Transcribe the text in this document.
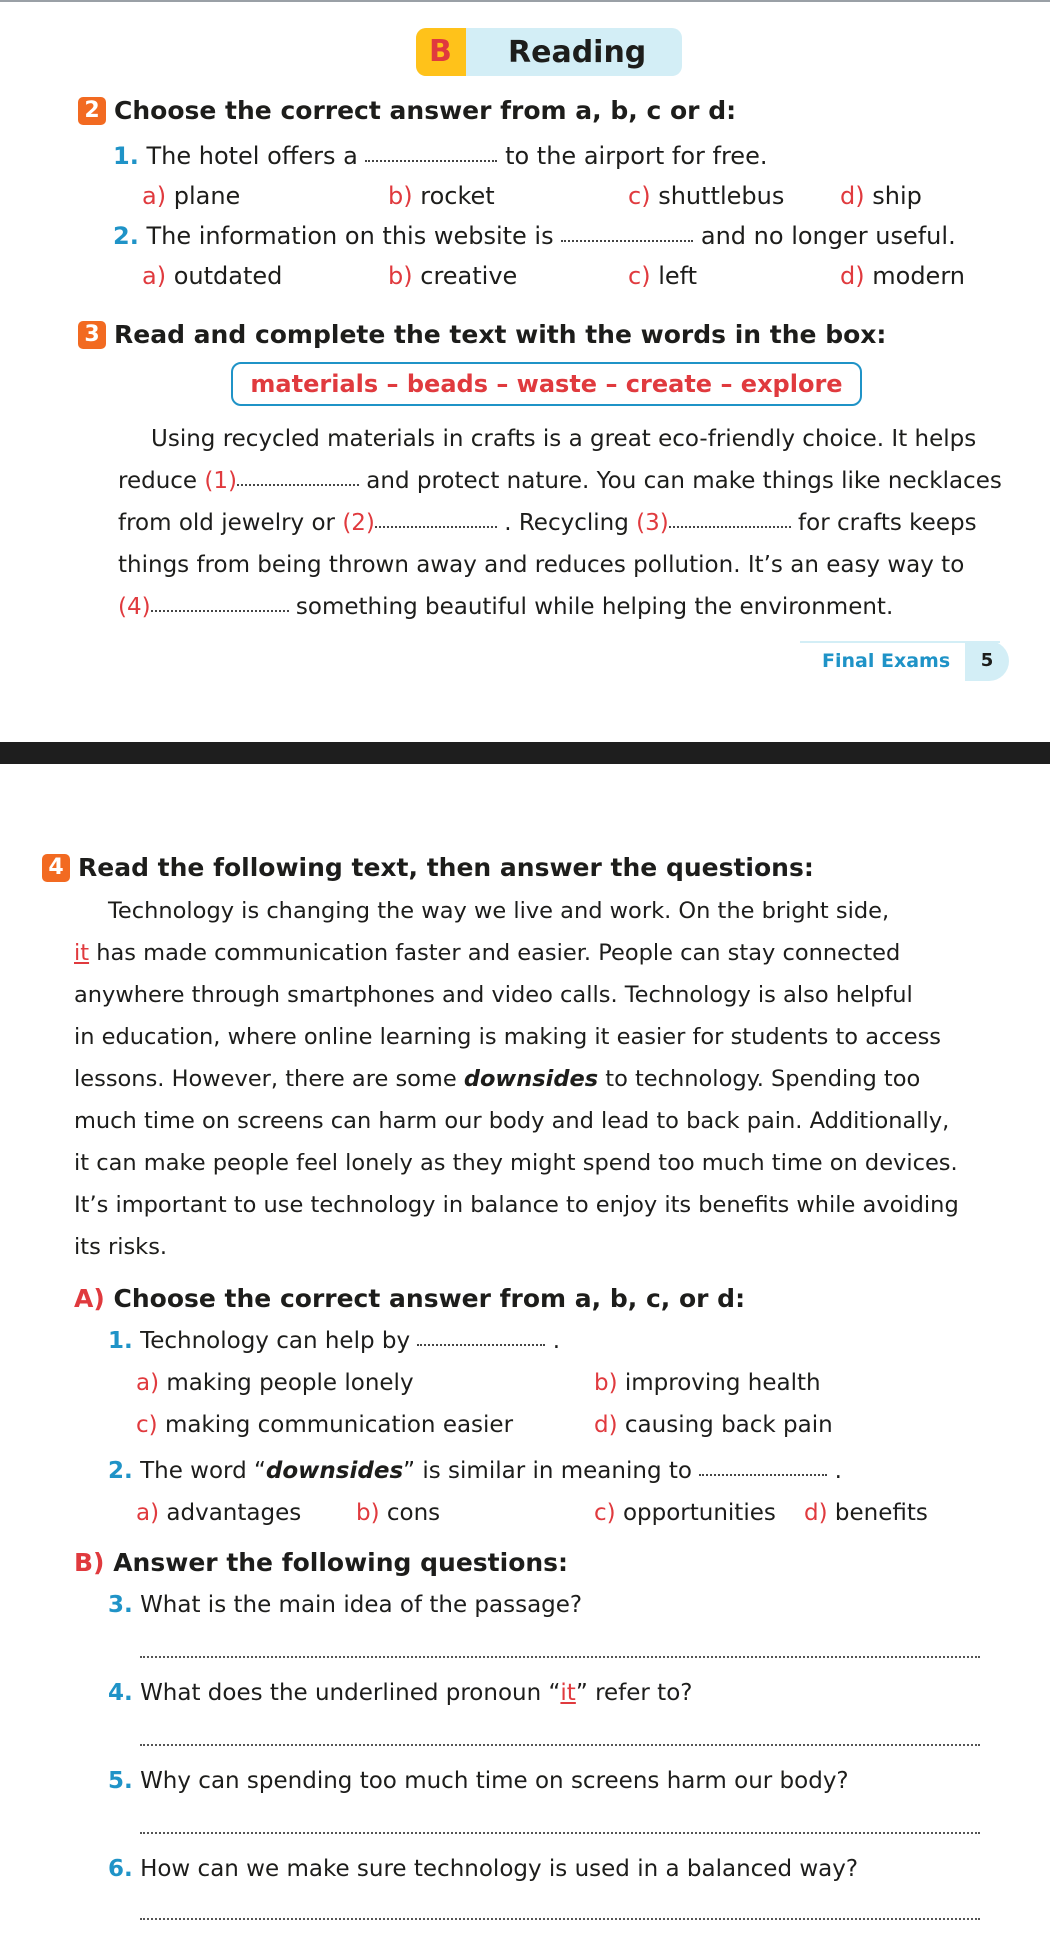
B Reading
2 Choose the correct answer from a, b, c or d:
1. The hotel offers a	to the airport for free.
a) plane	b) rocket	c) shuttlebus d) ship
2. The information on this website is	and no longer useful.
a) outdated	b) creative	c) left	d) modern
3 Read and complete the text with the words in the box:
materials – beads – waste – create – explore
Using recycled materials in crafts is a great eco-friendly choice. It helps
reduce (1)	and protect nature. You can make things like necklaces
from old jewelry or (2)	. Recycling (3)	for crafts keeps
things from being thrown away and reduces pollution. It’s an easy way to
(4)	something beautiful while helping the environment.
Final Exams	5
4 Read the following text, then answer the questions:
Technology is changing the way we live and work. On the bright side,
it has made communication faster and easier. People can stay connected
anywhere through smartphones and video calls. Technology is also helpful
in education, where online learning is making it easier for students to access
lessons. However, there are some downsides to technology. Spending too
much time on screens can harm our body and lead to back pain. Additionally,
it can make people feel lonely as they might spend too much time on devices.
It’s important to use technology in balance to enjoy its benefits while avoiding
its risks.
A) Choose the correct answer from a, b, c, or d:
1. Technology can help by	.
a) making people lonely	b) improving health
c) making communication easier	d) causing back pain
2. The word “downsides” is similar in meaning to	.
a) advantages b) cons	c) opportunities d) benefits
B) Answer the following questions:
3. What is the main idea of the passage?
4. What does the underlined pronoun “it” refer to?
5. Why can spending too much time on screens harm our body?
6. How can we make sure technology is used in a balanced way?
